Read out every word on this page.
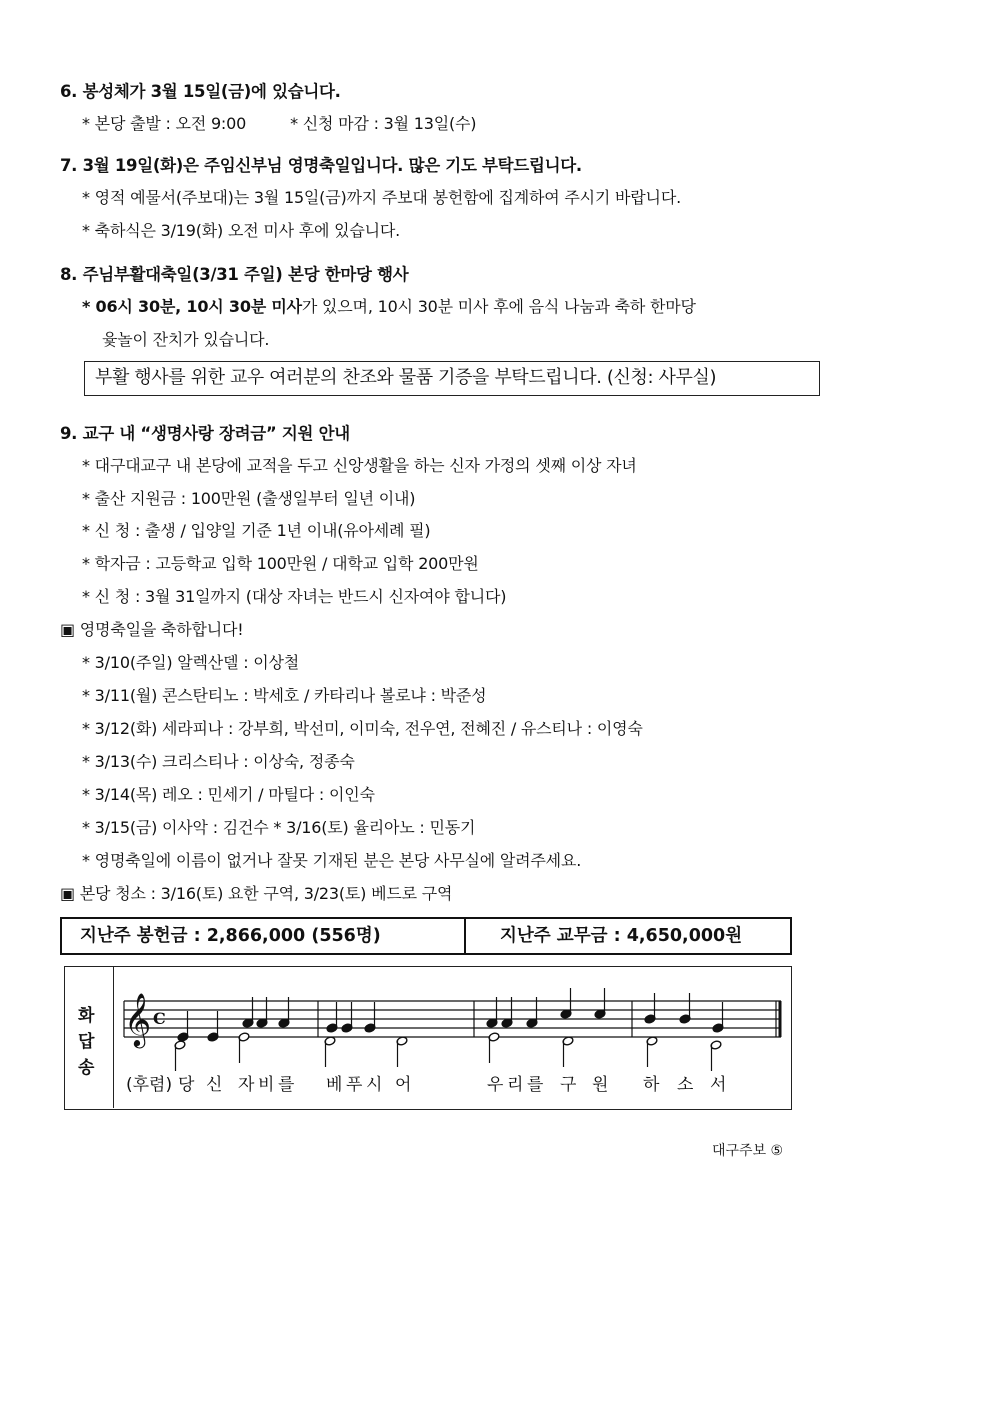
6. 봉성체가 3월 15일(금)에 있습니다.
* 본당 출발 : 오전 9:00	* 신청 마감 : 3월 13일(수)
7. 3월 19일(화)은 주임신부님 영명축일입니다. 많은 기도 부탁드립니다.
* 영적 예물서(주보대)는 3월 15일(금)까지 주보대 봉헌함에 집계하여 주시기 바랍니다.
* 축하식은 3/19(화) 오전 미사 후에 있습니다.
8. 주님부활대축일(3/31 주일) 본당 한마당 행사
* 06시 30분, 10시 30분 미사가 있으며, 10시 30분 미사 후에 음식 나눔과 축하 한마당
윷놀이 잔치가 있습니다.
부활 행사를 위한 교우 여러분의 찬조와 물품 기증을 부탁드립니다. (신청: 사무실)
9. 교구 내 “생명사랑 장려금” 지원 안내
* 대구대교구 내 본당에 교적을 두고 신앙생활을 하는 신자 가정의 셋째 이상 자녀
* 출산 지원금 : 100만원 (출생일부터 일년 이내)
* 신 청 : 출생 / 입양일 기준 1년 이내(유아세례 필)
* 학자금 : 고등학교 입학 100만원 / 대학교 입학 200만원
* 신 청 : 3월 31일까지 (대상 자녀는 반드시 신자여야 합니다)
▣ 영명축일을 축하합니다!
* 3/10(주일) 알렉산델 : 이상철
* 3/11(월) 콘스탄티노 : 박세호 / 카타리나 볼로냐 : 박준성
* 3/12(화) 세라피나 : 강부희, 박선미, 이미숙, 전우연, 전혜진 / 유스티나 : 이영숙
* 3/13(수) 크리스티나 : 이상숙, 정종숙
* 3/14(목) 레오 : 민세기 / 마틸다 : 이인숙
* 3/15(금) 이사악 : 김건수 * 3/16(토) 율리아노 : 민동기
* 영명축일에 이름이 없거나 잘못 기재된 분은 본당 사무실에 알려주세요.
▣ 본당 청소 : 3/16(토) 요한 구역, 3/23(토) 베드로 구역
지난주 봉헌금 : 2,866,000 (556명)	지난주 교무금 : 4,650,000원
화
답
송
𝄞 C
(후렴) 당 신 자 비 를 베 푸 시 어	우 리 를 구 원 하 소 서
대구주보 ⑤
